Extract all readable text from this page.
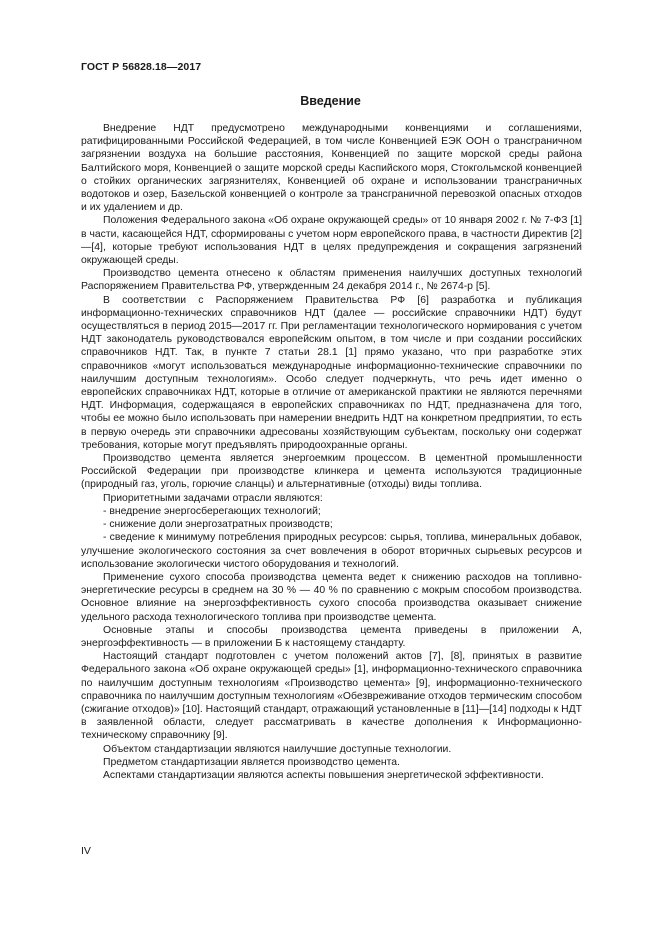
ГОСТ Р 56828.18—2017
Введение

Внедрение НДТ предусмотрено международными конвенциями и соглашениями, ратифицированными Российской Федерацией, в том числе Конвенцией ЕЭК ООН о трансграничном загрязнении воздуха на большие расстояния, Конвенцией по защите морской среды района Балтийского моря, Конвенцией о защите морской среды Каспийского моря, Стокгольмской конвенцией о стойких органических загрязнителях, Конвенцией об охране и использовании трансграничных водотоков и озер, Базельской конвенцией о контроле за трансграничной перевозкой опасных отходов и их удалением и др.

Положения Федерального закона «Об охране окружающей среды» от 10 января 2002 г. № 7-ФЗ [1] в части, касающейся НДТ, сформированы с учетом норм европейского права, в частности Директив [2]—[4], которые требуют использования НДТ в целях предупреждения и сокращения загрязнений окружающей среды.

Производство цемента отнесено к областям применения наилучших доступных технологий Распоряжением Правительства РФ, утвержденным 24 декабря 2014 г., № 2674-р [5].

В соответствии с Распоряжением Правительства РФ [6] разработка и публикация информационно-технических справочников НДТ (далее — российские справочники НДТ) будут осуществляться в период 2015—2017 гг. При регламентации технологического нормирования с учетом НДТ законодатель руководствовался европейским опытом, в том числе и при создании российских справочников НДТ. Так, в пункте 7 статьи 28.1 [1] прямо указано, что при разработке этих справочников «могут использоваться международные информационно-технические справочники по наилучшим доступным технологиям». Особо следует подчеркнуть, что речь идет именно о европейских справочниках НДТ, которые в отличие от американской практики не являются перечнями НДТ. Информация, содержащаяся в европейских справочниках по НДТ, предназначена для того, чтобы ее можно было использовать при намерении внедрить НДТ на конкретном предприятии, то есть в первую очередь эти справочники адресованы хозяйствующим субъектам, поскольку они содержат требования, которые могут предъявлять природоохранные органы.

Производство цемента является энергоемким процессом. В цементной промышленности Российской Федерации при производстве клинкера и цемента используются традиционные (природный газ, уголь, горючие сланцы) и альтернативные (отходы) виды топлива.

Приоритетными задачами отрасли являются:

- внедрение энергосберегающих технологий;

- снижение доли энергозатратных производств;

- сведение к минимуму потребления природных ресурсов: сырья, топлива, минеральных добавок, улучшение экологического состояния за счет вовлечения в оборот вторичных сырьевых ресурсов и использование экологически чистого оборудования и технологий.

Применение сухого способа производства цемента ведет к снижению расходов на топливно-энергетические ресурсы в среднем на 30 % — 40 % по сравнению с мокрым способом производства. Основное влияние на энергоэффективность сухого способа производства оказывает снижение удельного расхода технологического топлива при производстве цемента.

Основные этапы и способы производства цемента приведены в приложении А, энергоэффективность — в приложении Б к настоящему стандарту.

Настоящий стандарт подготовлен с учетом положений актов [7], [8], принятых в развитие Федерального закона «Об охране окружающей среды» [1], информационно-технического справочника по наилучшим доступным технологиям «Производство цемента» [9], информационно-технического справочника по наилучшим доступным технологиям «Обезвреживание отходов термическим способом (сжигание отходов)» [10]. Настоящий стандарт, отражающий установленные в [11]—[14] подходы к НДТ в заявленной области, следует рассматривать в качестве дополнения к Информационно-техническому справочнику [9].

Объектом стандартизации являются наилучшие доступные технологии.

Предметом стандартизации является производство цемента.

Аспектами стандартизации являются аспекты повышения энергетической эффективности.

IV
